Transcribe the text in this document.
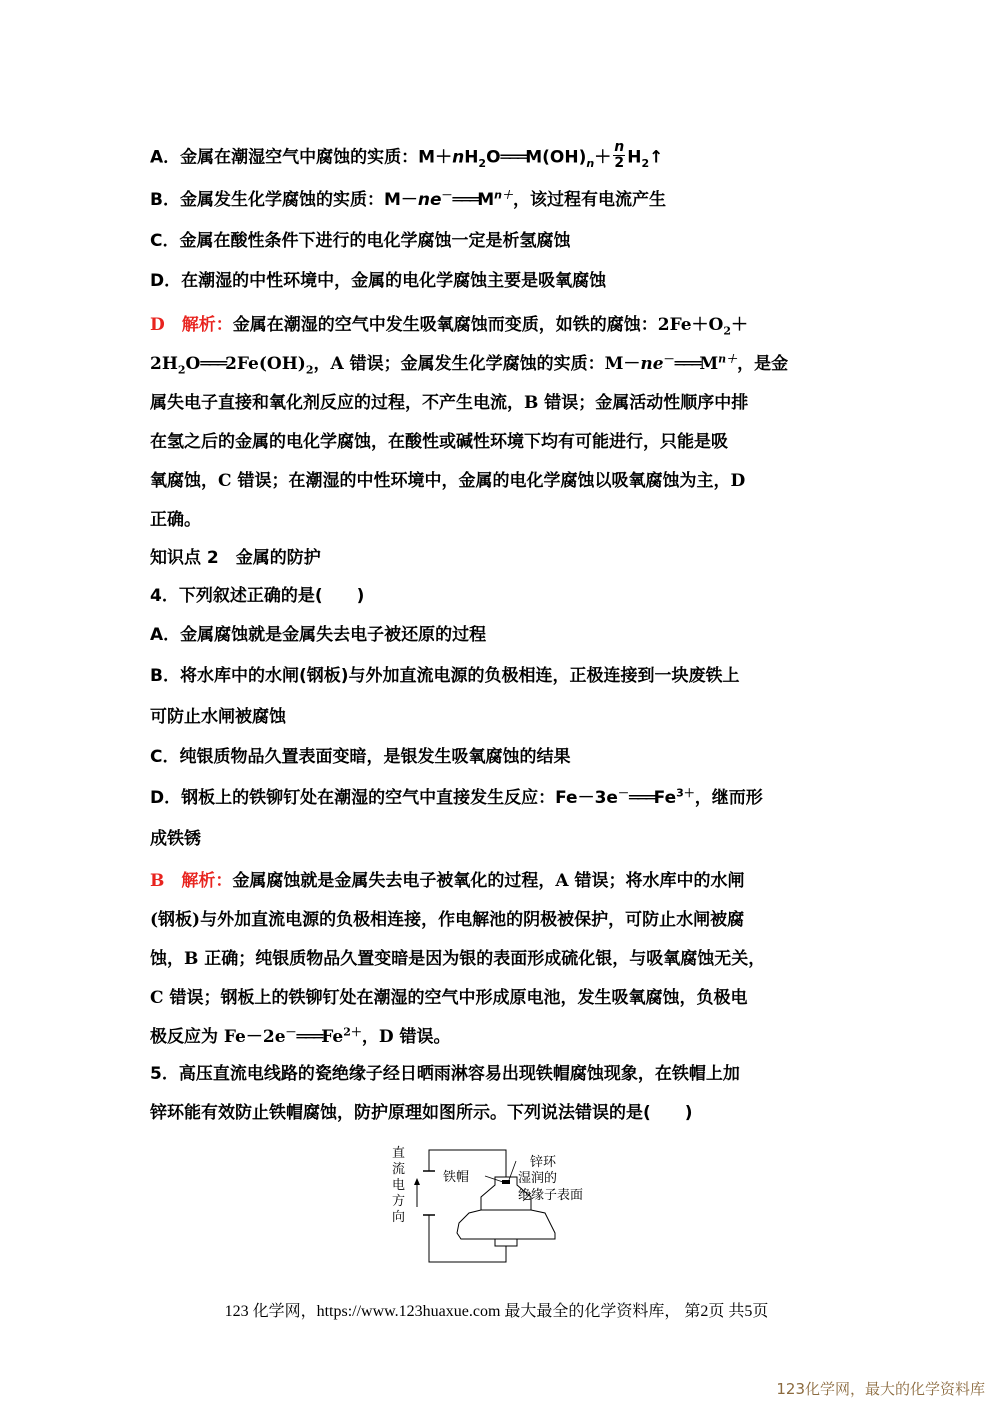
A．金属在潮湿空气中腐蚀的实质：$M+nH_2O═══M(OH)_n+ \frac{n}{2}$ $H_2↑$
B．金属发生化学腐蚀的实质：$M-ne^-═══M^{n+}$，该过程有电流产生
C．金属在酸性条件下进行的电化学腐蚀一定是析氢腐蚀
D．在潮湿的中性环境中，金属的电化学腐蚀主要是吸氧腐蚀
D　 解析：金属在潮湿的空气中发生吸氧腐蚀而变质，如铁的腐蚀：$2Fe+O_2+$
$2H_2O═══2Fe(OH)_2$，A 错误；金属发生化学腐蚀的实质：$M-ne^-═══M^{n+}$，是金
属失电子直接和氧化剂反应的过程，不产生电流，B 错误；金属活动性顺序中排
在氢之后的金属的电化学腐蚀，在酸性或碱性环境下均有可能进行，只能是吸
氧腐蚀，C 错误；在潮湿的中性环境中，金属的电化学腐蚀以吸氧腐蚀为主，D
正确。
知识点 2　金属的防护
4．下列叙述正确的是(　　)
A．金属腐蚀就是金属失去电子被还原的过程
B．将水库中的水闸(钢板)与外加直流电源的负极相连，正极连接到一块废铁上
可防止水闸被腐蚀
C．纯银质物品久置表面变暗，是银发生吸氧腐蚀的结果
D．钢板上的铁铆钉处在潮湿的空气中直接发生反应：$Fe-3e^-═══Fe^{3+}$，继而形
成铁锈
B　 解析：金属腐蚀就是金属失去电子被氧化的过程，A 错误；将水库中的水闸
(钢板)与外加直流电源的负极相连接，作电解池的阴极被保护，可防止水闸被腐
蚀，B 正确；纯银质物品久置变暗是因为银的表面形成硫化银，与吸氧腐蚀无关，
C 错误；钢板上的铁铆钉处在潮湿的空气中形成原电池，发生吸氧腐蚀，负极电
极反应为 $Fe-2e^-═══Fe^{2+}$，D 错误。
5．高压直流电线路的瓷绝缘子经日晒雨淋容易出现铁帽腐蚀现象，在铁帽上加
锌环能有效防止铁帽腐蚀，防护原理如图所示。下列说法错误的是(　　)
直
流
电
方
向
铁帽
锌环
湿润的
绝缘子表面
123 化学网，https://www.123huaxue.com 最大最全的化学资料库， 第2页 共5页
123化学网，最大的化学资料库
